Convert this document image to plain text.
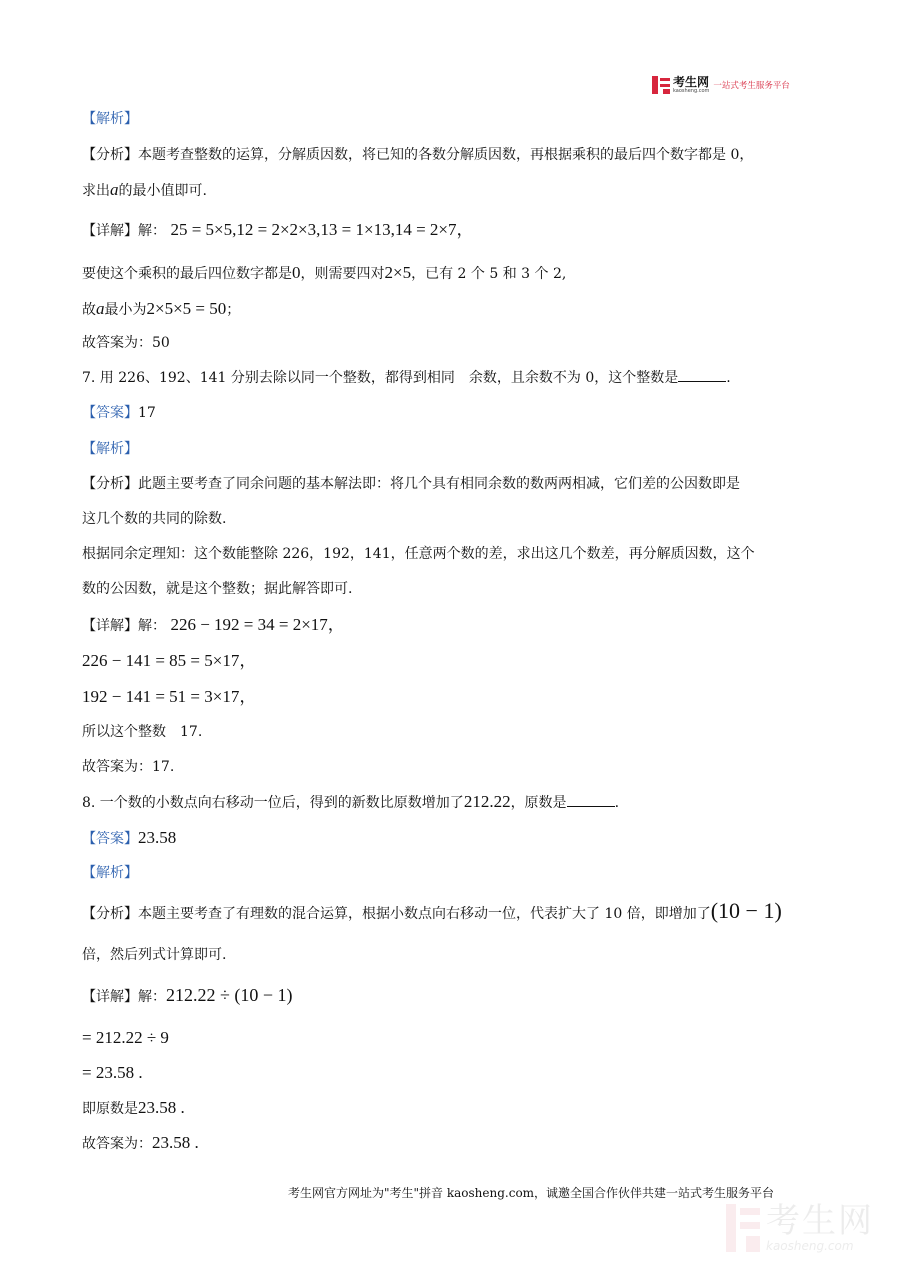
考生网
kaosheng.com 一站式考生服务平台
【解析】
【分析】本题考查整数的运算，分解质因数，将已知的各数分解质因数，再根据乘积的最后四个数字都是 0，
求出a的最小值即可.
【详解】解： 25 = 5×5,12 = 2×2×3,13 = 1×13,14 = 2×7，
要使这个乘积的最后四位数字都是0，则需要四对2×5，已有 2 个 5 和 3 个 2,
故a最小为2×5×5 = 50；
故答案为：50
7. 用 226、192、141 分别去除以同一个整数，都得到相同　余数，且余数不为 0，这个整数是	.
【答案】17
【解析】
【分析】此题主要考查了同余问题的基本解法即：将几个具有相同余数的数两两相减，它们差的公因数即是
这几个数的共同的除数.
根据同余定理知：这个数能整除 226，192，141，任意两个数的差，求出这几个数差，再分解质因数，这个
数的公因数，就是这个整数；据此解答即可.
【详解】解： 226 − 192 = 34 = 2×17，
226 − 141 = 85 = 5×17，
192 − 141 = 51 = 3×17，
所以这个整数　17.
故答案为：17.
8. 一个数的小数点向右移动一位后，得到的新数比原数增加了212.22，原数是	.
【答案】23.58
【解析】
【分析】本题主要考查了有理数的混合运算，根据小数点向右移动一位，代表扩大了 10 倍，即增加了(10 − 1)
倍，然后列式计算即可.
【详解】解：212.22 ÷ (10 − 1)
= 212.22 ÷ 9
= 23.58 .
即原数是23.58 .
故答案为：23.58 .
考生网官方网址为"考生"拼音 kaosheng.com，诚邀全国合作伙伴共建一站式考生服务平台
考生网
kaosheng.com
